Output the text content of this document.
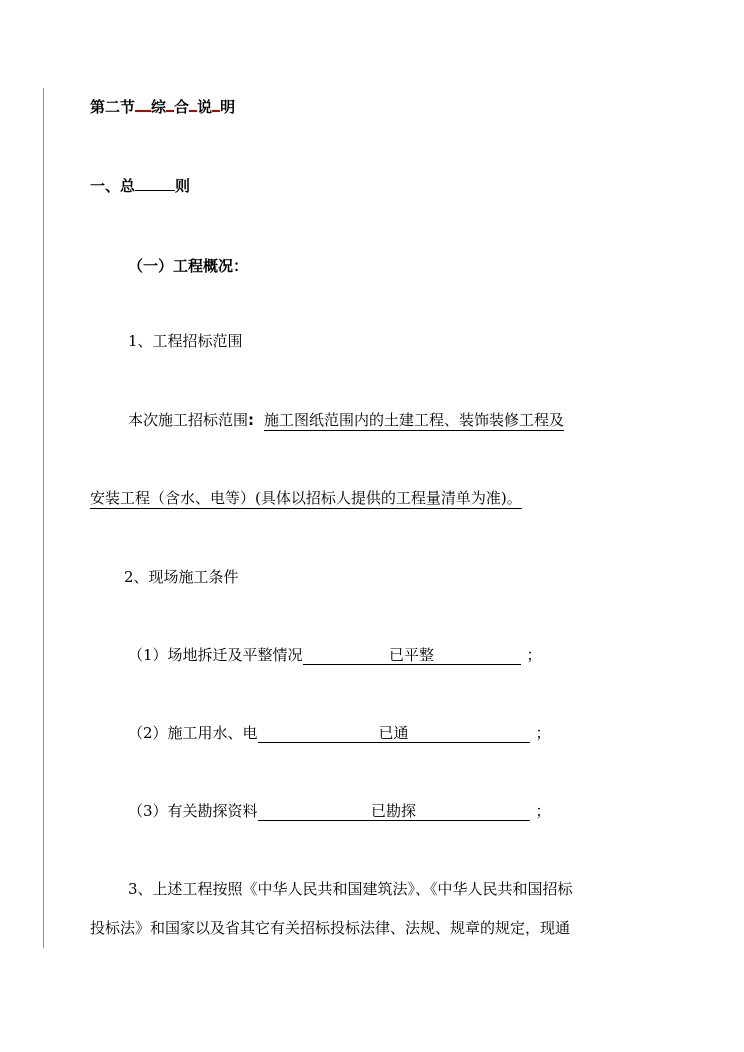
第二节 综 合 说 明
一、总	则
（一）工程概况：
1、工程招标范围
本次施工招标范围: 施工图纸范围内的土建工程、装饰装修工程及
安装工程（含水、电等）(具体以招标人提供的工程量清单为准)。
2、现场施工条件
（1）场地拆迁及平整情况	已平整	；
（2）施工用水、电	已通	；
（3）有关勘探资料	已勘探	；
3、上述工程按照《中华人民共和国建筑法》、《中华人民共和国招标
投标法》和国家以及省其它有关招标投标法律、法规、规章的规定，现通
